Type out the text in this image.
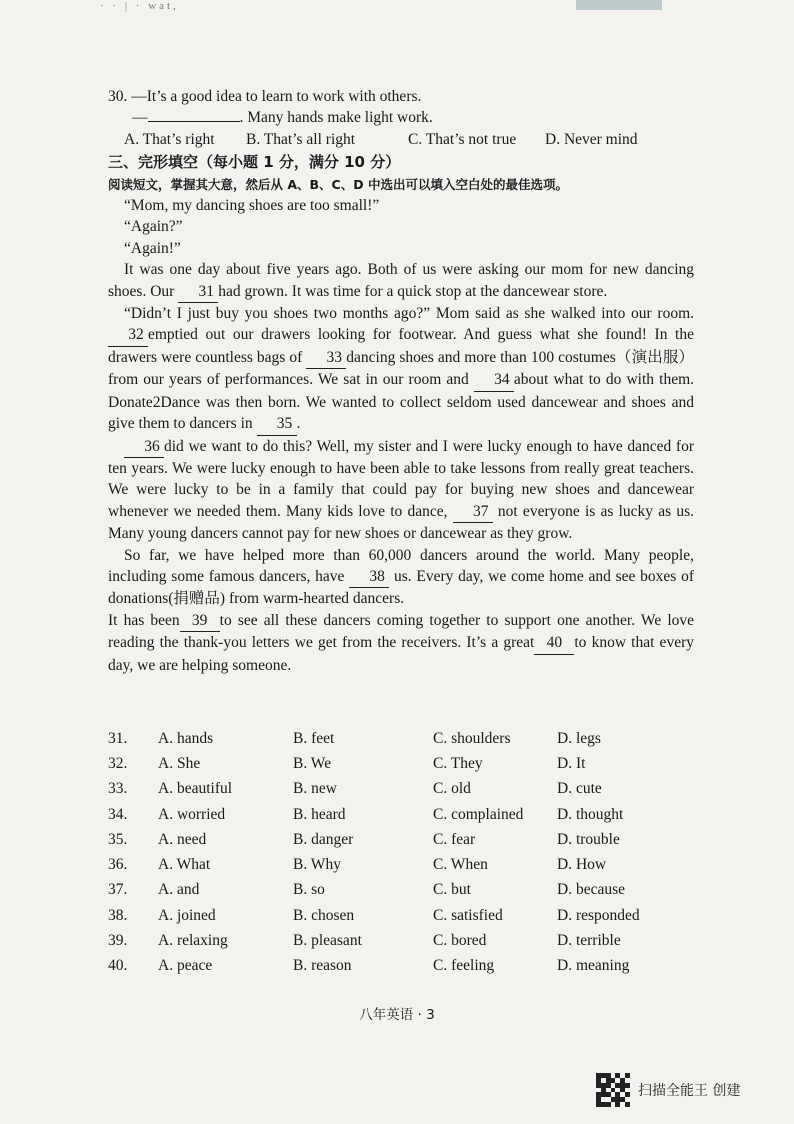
· · | · wat,
30. —It’s a good idea to learn to work with others.
—	. Many hands make light work.
A. That’s right	B. That’s all right	C. That’s not true	D. Never mind
三、完形填空（每小题 1 分，满分 10 分）
阅读短文，掌握其大意，然后从 A、B、C、D 中选出可以填入空白处的最佳选项。
“Mom, my dancing shoes are too small!”
“Again?”
“Again!”
It was one day about five years ago. Both of us were asking our mom for new dancing shoes. Our 31 had grown. It was time for a quick stop at the dancewear store.
“Didn’t I just buy you shoes two months ago?” Mom said as she walked into our room. 32 emptied out our drawers looking for footwear. And guess what she found! In the drawers were countless bags of 33 dancing shoes and more than 100 costumes（演出服）from our years of performances. We sat in our room and 34 about what to do with them. Donate2Dance was then born. We wanted to collect seldom used dancewear and shoes and give them to dancers in 35 .
36 did we want to do this? Well, my sister and I were lucky enough to have danced for ten years. We were lucky enough to have been able to take lessons from really great teachers. We were lucky to be in a family that could pay for buying new shoes and dancewear whenever we needed them. Many kids love to dance, 37 not everyone is as lucky as us. Many young dancers cannot pay for new shoes or dancewear as they grow.
So far, we have helped more than 60,000 dancers around the world. Many people, including some famous dancers, have 38 us. Every day, we come home and see boxes of donations(捐赠品) from warm-hearted dancers.
It has been 39 to see all these dancers coming together to support one another. We love reading the thank-you letters we get from the receivers. It’s a great 40 to know that every day, we are helping someone.
31.	A. hands	B. feet	C. shoulders	D. legs
32.	A. She	B. We	C. They	D. It
33.	A. beautiful	B. new	C. old	D. cute
34.	A. worried	B. heard	C. complained	D. thought
35.	A. need	B. danger	C. fear	D. trouble
36.	A. What	B. Why	C. When	D. How
37.	A. and	B. so	C. but	D. because
38.	A. joined	B. chosen	C. satisfied	D. responded
39.	A. relaxing	B. pleasant	C. bored	D. terrible
40.	A. peace	B. reason	C. feeling	D. meaning
八年英语 · 3
扫描全能王 创建
